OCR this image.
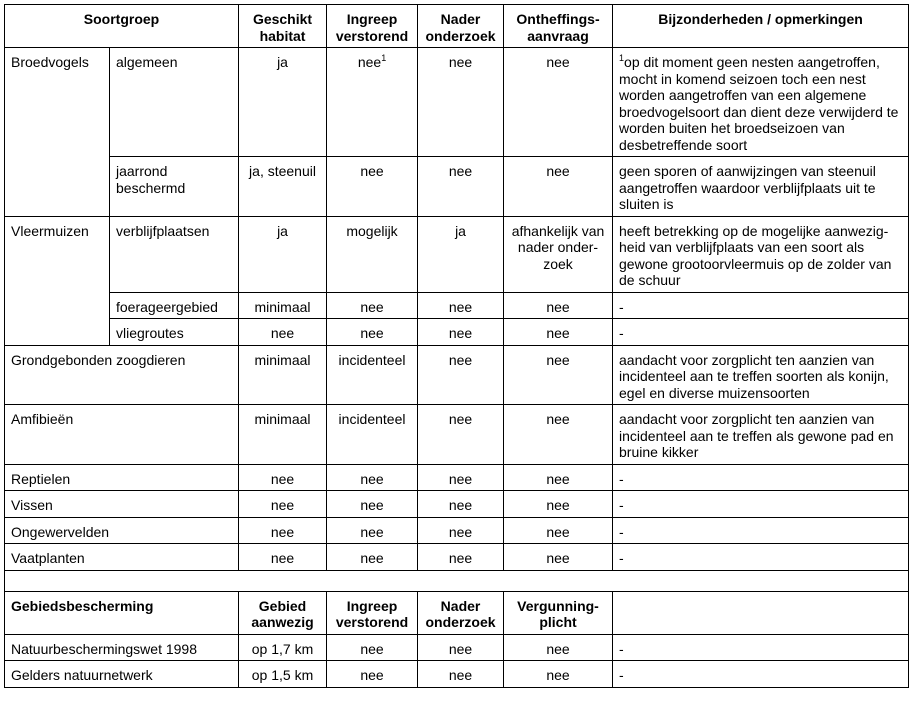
Soortgroep		Geschikt habitat	Ingreep verstorend	Nader onderzoek	Ontheffings-aanvraag	Bijzonderheden / opmerkingen
Broedvogels	algemeen	ja	nee$^1$	nee	nee	$^1$op dit moment geen nesten aangetroffen, mocht in komend seizoen toch een nest worden aangetroffen van een algemene broedvogelsoort dan dient deze verwijderd te worden buiten het broedseizoen van desbetreffende soort
	jaarrond beschermd	ja, steenuil	nee	nee	nee	geen sporen of aanwijzingen van steenuil aangetroffen waardoor verblijfplaats uit te sluiten is
Vleermuizen	verblijfplaatsen	ja	mogelijk	ja	afhankelijk van nader onder-zoek	heeft betrekking op de mogelijke aanwezig-heid van verblijfplaats van een soort als gewone grootoorvleermuis op de zolder van de schuur
	foerageergebied	minimaal	nee	nee	nee	-
	vliegroutes	nee	nee	nee	nee	-
Grondgebonden zoogdieren		minimaal	incidenteel	nee	nee	aandacht voor zorgplicht ten aanzien van incidenteel aan te treffen soorten als konijn, egel en diverse muizensoorten
Amfibieën		minimaal	incidenteel	nee	nee	aandacht voor zorgplicht ten aanzien van incidenteel aan te treffen als gewone pad en bruine kikker
Reptielen		nee	nee	nee	nee	-
Vissen		nee	nee	nee	nee	-
Ongewervelden		nee	nee	nee	nee	-
Vaatplanten		nee	nee	nee	nee	-

Gebiedsbescherming		Gebied aanwezig	Ingreep verstorend	Nader onderzoek	Vergunning-plicht	
Natuurbeschermingswet 1998		op 1,7 km	nee	nee	nee	-
Gelders natuurnetwerk		op 1,5 km	nee	nee	nee	-
